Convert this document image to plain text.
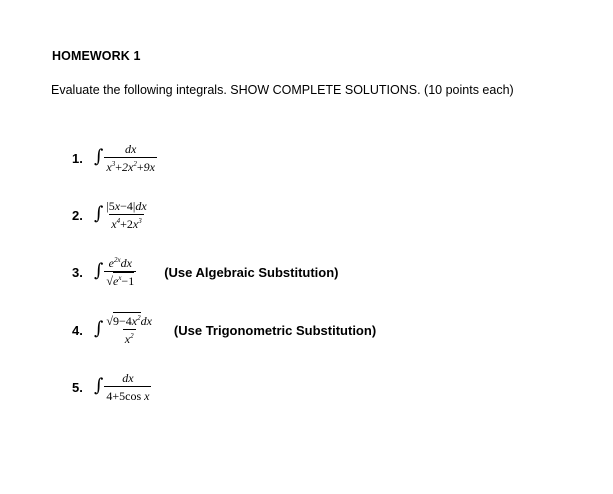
HOMEWORK 1
Evaluate the following integrals. SHOW COMPLETE SOLUTIONS. (10 points each)
1. ∫ $\frac{dx}{x^3+2x^2+9x}$
2. ∫ $\frac{|5x-4|dx}{x^4+2x^3}$
3. ∫ $\frac{e^{2x}dx}{√e^x-1} (Use$ Algebraic Substitution)
4. ∫ $\frac{√9-4x^2dx}{x^2} (Use$ Trigonometric Substitution)
5. ∫ $\frac{dx}{\text{4+5cos x}}$
